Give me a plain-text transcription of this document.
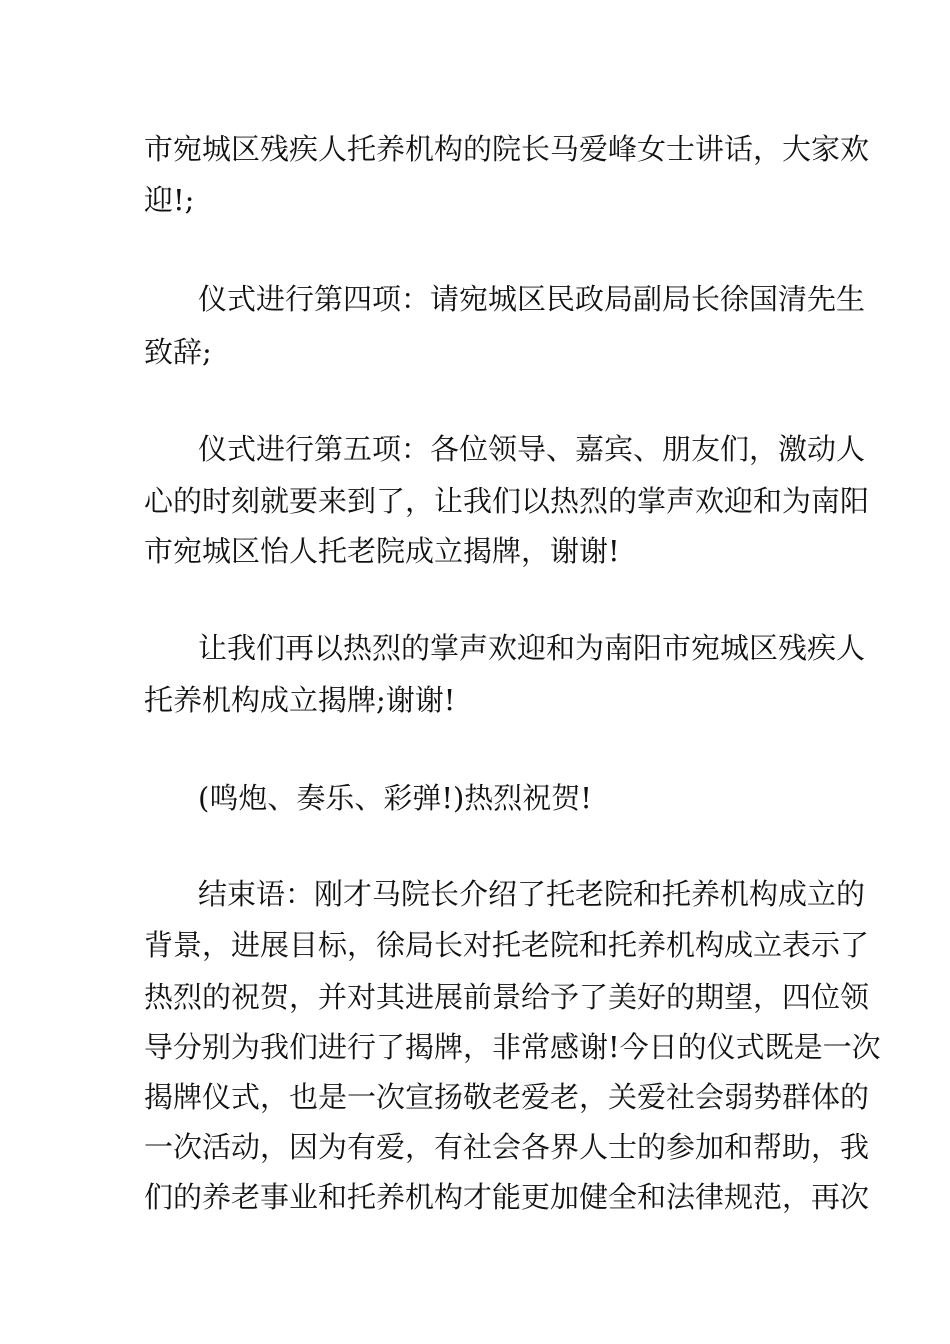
市宛城区残疾人托养机构的院长马爱峰女士讲话，大家欢

迎!;

仪式进行第四项：请宛城区民政局副局长徐国清先生

致辞;

仪式进行第五项：各位领导、嘉宾、朋友们，激动人

心的时刻就要来到了，让我们以热烈的掌声欢迎和为南阳

市宛城区怡人托老院成立揭牌，谢谢!

让我们再以热烈的掌声欢迎和为南阳市宛城区残疾人

托养机构成立揭牌;谢谢!

(鸣炮、奏乐、彩弹!)热烈祝贺!

结束语：刚才马院长介绍了托老院和托养机构成立的

背景，进展目标，徐局长对托老院和托养机构成立表示了

热烈的祝贺，并对其进展前景给予了美好的期望，四位领

导分别为我们进行了揭牌，非常感谢!今日的仪式既是一次

揭牌仪式，也是一次宣扬敬老爱老，关爱社会弱势群体的

一次活动，因为有爱，有社会各界人士的参加和帮助，我

们的养老事业和托养机构才能更加健全和法律规范，再次
